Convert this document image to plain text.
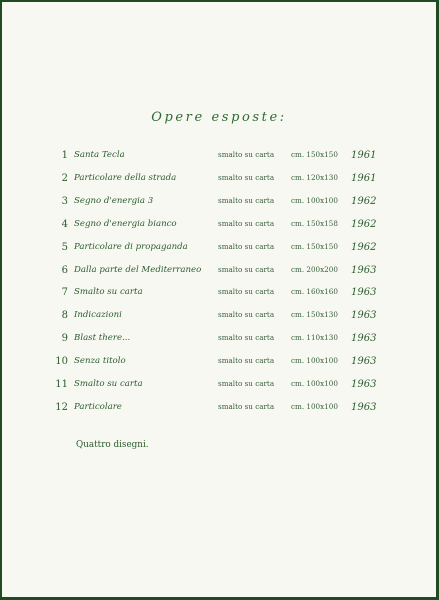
Opere esposte:
1 Santa Tecla	smalto su carta cm. 150x150 1961
2 Particolare della strada	smalto su carta cm. 120x130 1961
3 Segno d'energia 3	smalto su carta cm. 100x100 1962
4 Segno d'energia bianco	smalto su carta cm. 150x158 1962
5 Particolare di propaganda	smalto su carta cm. 150x150 1962
6 Dalla parte del Mediterraneo smalto su carta cm. 200x200 1963
7 Smalto su carta	smalto su carta cm. 160x160 1963
8 Indicazioni	smalto su carta cm. 150x130 1963
9 Blast there...	smalto su carta cm. 110x130 1963
10 Senza titolo	smalto su carta cm. 100x100 1963
11 Smalto su carta	smalto su carta cm. 100x100 1963
12 Particolare	smalto su carta cm. 100x100 1963
Quattro disegni.
